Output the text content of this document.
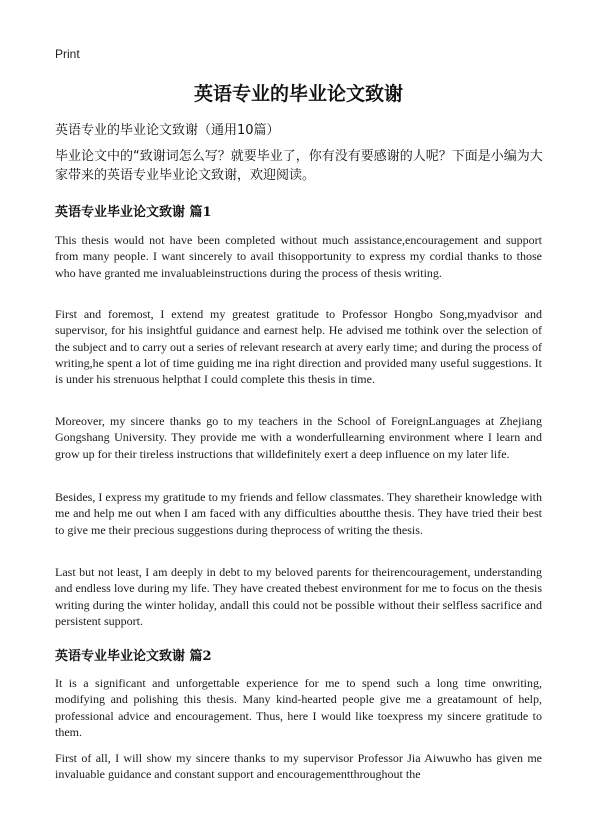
Print
英语专业的毕业论文致谢
英语专业的毕业论文致谢（通用10篇）

毕业论文中的“致谢词怎么写？就要毕业了，你有没有要感谢的人呢？下面是小编为大家带来的英语专业毕业论文致谢，欢迎阅读。

英语专业毕业论文致谢 篇1

This thesis would not have been completed without much assistance,encouragement and support from many people. I want sincerely to avail thisopportunity to express my cordial thanks to those who have granted me invaluableinstructions during the process of thesis writing.

First and foremost, I extend my greatest gratitude to Professor Hongbo Song,myadvisor and supervisor, for his insightful guidance and earnest help. He advised me tothink over the selection of the subject and to carry out a series of relevant research at avery early time; and during the process of writing,he spent a lot of time guiding me ina right direction and provided many useful suggestions. It is under his strenuous helpthat I could complete this thesis in time.

Moreover, my sincere thanks go to my teachers in the School of ForeignLanguages at Zhejiang Gongshang University. They provide me with a wonderfullearning environment where I learn and grow up for their tireless instructions that willdefinitely exert a deep influence on my later life.

Besides, I express my gratitude to my friends and fellow classmates. They sharetheir knowledge with me and help me out when I am faced with any difficulties aboutthe thesis. They have tried their best to give me their precious suggestions during theprocess of writing the thesis.

Last but not least, I am deeply in debt to my beloved parents for theirencouragement, understanding and endless love during my life. They have created thebest environment for me to focus on the thesis writing during the winter holiday, andall this could not be possible without their selfless sacrifice and persistent support.

英语专业毕业论文致谢 篇2

It is a significant and unforgettable experience for me to spend such a long time onwriting, modifying and polishing this thesis. Many kind-hearted people give me a greatamount of help, professional advice and encouragement. Thus, here I would like toexpress my sincere gratitude to them.

First of all, I will show my sincere thanks to my supervisor Professor Jia Aiwuwho has given me invaluable guidance and constant support and encouragementthroughout the
